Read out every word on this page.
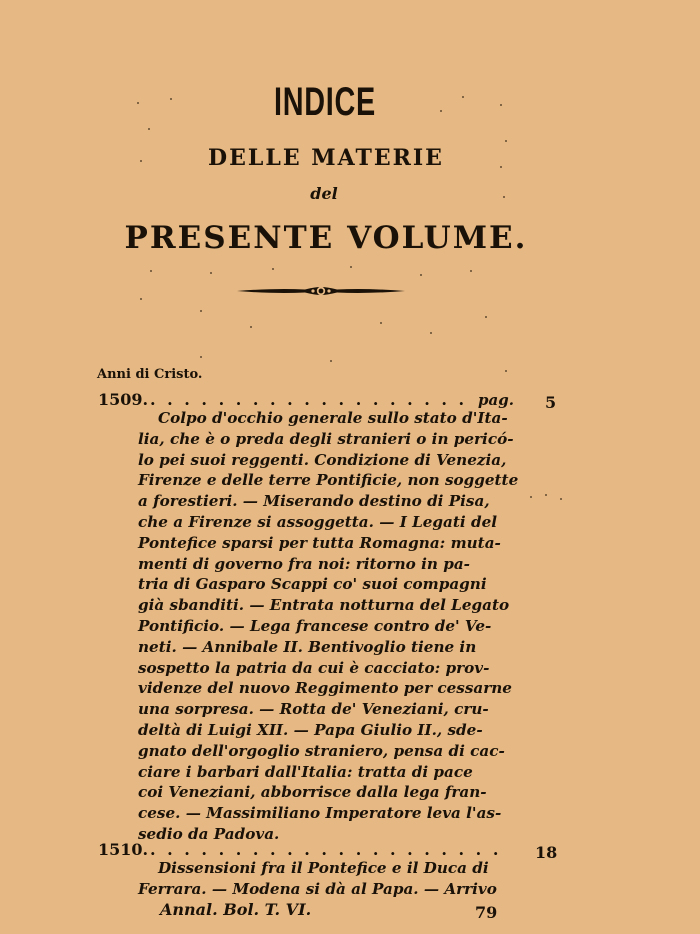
INDICE
DELLE MATERIE
del
PRESENTE VOLUME.
Anni di Cristo.
1509. . . . . . . . . . . . . . . . . . . . pag. 5
Colpo d'occhio generale sullo stato d'Ita-
lia, che è o preda degli stranieri o in pericó-
lo pei suoi reggenti. Condizione di Venezia,
Firenze e delle terre Pontificie, non soggette
a forestieri. — Miserando destino di Pisa,
che a Firenze si assoggetta. — I Legati del
Pontefice sparsi per tutta Romagna: muta-
menti di governo fra noi: ritorno in pa-
tria di Gasparo Scappi co' suoi compagni
già sbanditi. — Entrata notturna del Legato
Pontificio. — Lega francese contro de' Ve-
neti. — Annibale II. Bentivoglio tiene in
sospetto la patria da cui è cacciato: prov-
videnze del nuovo Reggimento per cessarne
una sorpresa. — Rotta de' Veneziani, cru-
deltà di Luigi XII. — Papa Giulio II., sde-
gnato dell'orgoglio straniero, pensa di cac-
ciare i barbari dall'Italia: tratta di pace
coi Veneziani, abborrisce dalla lega fran-
cese. — Massimiliano Imperatore leva l'as-
sedio da Padova.
1510. . . . . . . . . . . . . . . . . . . . . . 18
Dissensioni fra il Pontefice e il Duca di
Ferrara. — Modena si dà al Papa. — Arrivo
Annal. Bol. T. VI.	79
